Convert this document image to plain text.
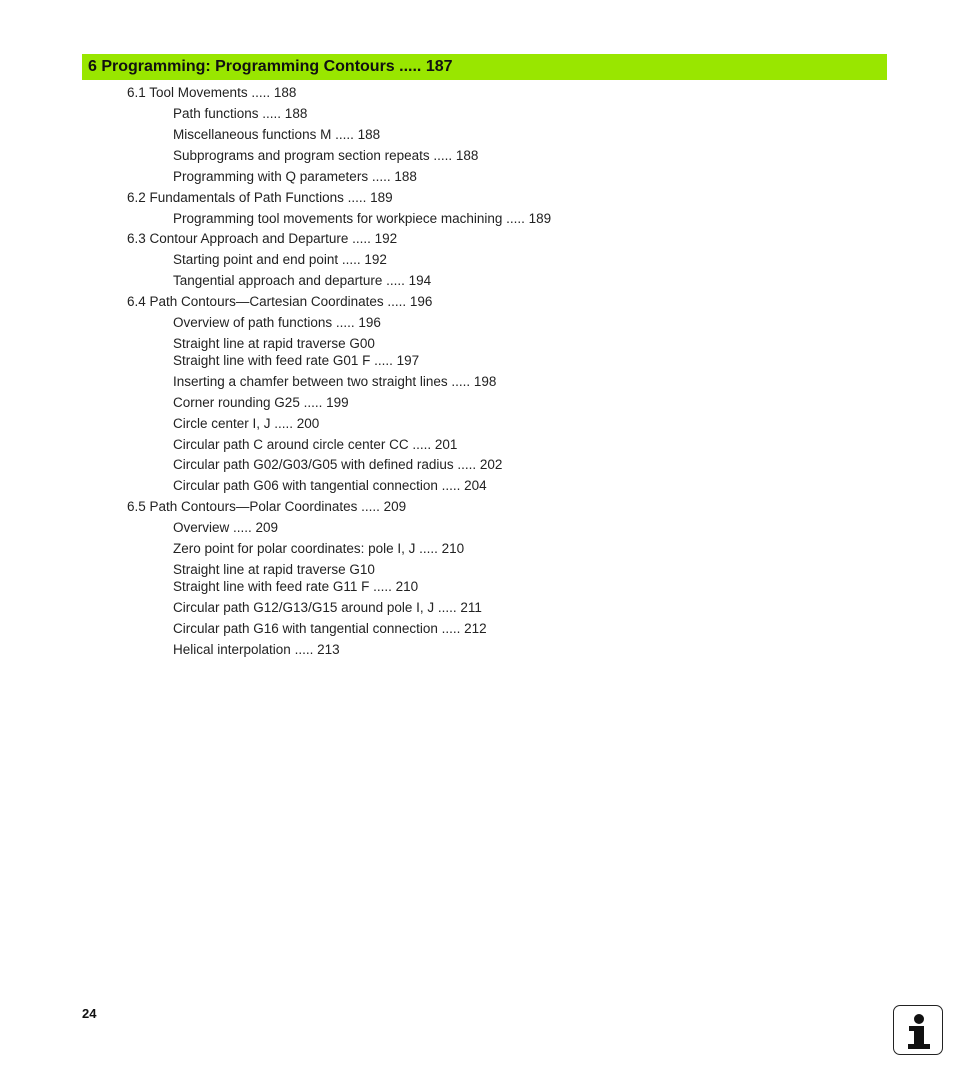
6 Programming: Programming Contours ..... 187
6.1 Tool Movements ..... 188
Path functions ..... 188
Miscellaneous functions M ..... 188
Subprograms and program section repeats ..... 188
Programming with Q parameters ..... 188
6.2 Fundamentals of Path Functions ..... 189
Programming tool movements for workpiece machining ..... 189
6.3 Contour Approach and Departure ..... 192
Starting point and end point ..... 192
Tangential approach and departure ..... 194
6.4 Path Contours—Cartesian Coordinates ..... 196
Overview of path functions ..... 196
Straight line at rapid traverse G00
Straight line with feed rate G01 F ..... 197
Inserting a chamfer between two straight lines ..... 198
Corner rounding G25 ..... 199
Circle center I, J ..... 200
Circular path C around circle center CC ..... 201
Circular path G02/G03/G05 with defined radius ..... 202
Circular path G06 with tangential connection ..... 204
6.5 Path Contours—Polar Coordinates ..... 209
Overview ..... 209
Zero point for polar coordinates: pole I, J ..... 210
Straight line at rapid traverse G10
Straight line with feed rate G11 F ..... 210
Circular path G12/G13/G15 around pole I, J ..... 211
Circular path G16 with tangential connection ..... 212
Helical interpolation ..... 213
24
